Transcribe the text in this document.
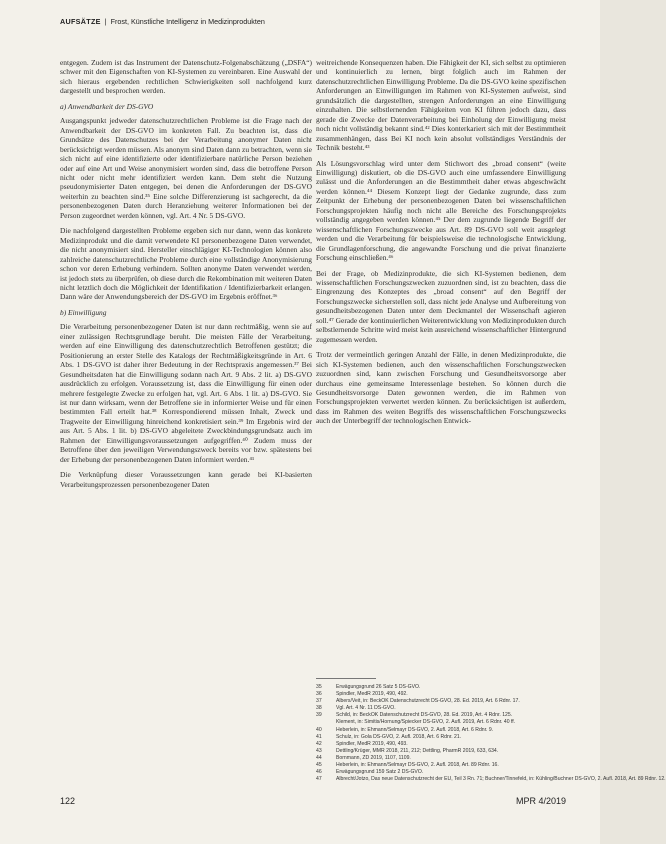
AUFSÄTZE | Frost, Künstliche Intelligenz in Medizinprodukten

entgegen. Zudem ist das Instrument der Datenschutz-Folgenabschätzung („DSFA“) schwer mit den Eigenschaften von KI-Systemen zu vereinbaren. Eine Auswahl der sich hieraus ergebenden rechtlichen Schwierigkeiten soll nachfolgend kurz dargestellt und besprochen werden.

a) Anwendbarkeit der DS-GVO

Ausgangspunkt jedweder datenschutzrechtlichen Probleme ist die Frage nach der Anwendbarkeit der DS-GVO im konkreten Fall. Zu beachten ist, dass die Grundsätze des Datenschutzes bei der Verarbeitung anonymer Daten nicht berücksichtigt werden müssen. Als anonym sind Daten dann zu betrachten, wenn sie sich nicht auf eine identifizierte oder identifizierbare natürliche Person beziehen oder auf eine Art und Weise anonymisiert worden sind, dass die betroffene Person nicht oder nicht mehr identifiziert werden kann. Dem steht die Nutzung pseudonymisierter Daten entgegen, bei denen die Anforderungen der DS-GVO weiterhin zu beachten sind.³⁵ Eine solche Differenzierung ist sachgerecht, da die personenbezogenen Daten durch Heranziehung weiterer Informationen bei der Person zugeordnet werden können, vgl. Art. 4 Nr. 5 DS-GVO.

Die nachfolgend dargestellten Probleme ergeben sich nur dann, wenn das konkrete Medizinprodukt und die damit verwendete KI personenbezogene Daten verwendet, die nicht anonymisiert sind. Hersteller einschlägiger KI-Technologien können also zahlreiche datenschutzrechtliche Probleme durch eine vollständige Anonymisierung schon vor deren Erhebung verhindern. Sollten anonyme Daten verwendet werden, ist jedoch stets zu überprüfen, ob diese durch die Rekombination mit weiteren Daten nicht letztlich doch die Möglichkeit der Identifikation / Identifizierbarkeit erlangen. Dann wäre der Anwendungsbereich der DS-GVO im Ergebnis eröffnet.³⁶

b) Einwilligung

Die Verarbeitung personenbezogener Daten ist nur dann rechtmäßig, wenn sie auf einer zulässigen Rechtsgrundlage beruht. Die meisten Fälle der Verarbeitung, werden auf eine Einwilligung des datenschutzrechtlich Betroffenen gestützt; die Positionierung an erster Stelle des Katalogs der Rechtmäßigkeitsgründe in Art. 6 Abs. 1 DS-GVO ist daher ihrer Bedeutung in der Rechtspraxis angemessen.³⁷ Bei Gesundheitsdaten hat die Einwilligung sodann nach Art. 9 Abs. 2 lit. a) DS-GVO ausdrücklich zu erfolgen. Voraussetzung ist, dass die Einwilligung für einen oder mehrere festgelegte Zwecke zu erfolgen hat, vgl. Art. 6 Abs. 1 lit. a) DS-GVO. Sie ist nur dann wirksam, wenn der Betroffene sie in informierter Weise und für einen bestimmten Fall erteilt hat.³⁸ Korrespondierend müssen Inhalt, Zweck und Tragweite der Einwilligung hinreichend konkretisiert sein.³⁹ Im Ergebnis wird der aus Art. 5 Abs. 1 lit. b) DS-GVO abgeleitete Zweckbindungsgrundsatz auch im Rahmen der Einwilligungsvoraussetzungen aufgegriffen.⁴⁰ Zudem muss der Betroffene über den jeweiligen Verwendungszweck bereits vor bzw. spätestens bei der Erhebung der personenbezogenen Daten informiert werden.⁴¹

Die Verknüpfung dieser Voraussetzungen kann gerade bei KI-basierten Verarbeitungsprozessen personenbezogener Daten

weitreichende Konsequenzen haben. Die Fähigkeit der KI, sich selbst zu optimieren und kontinuierlich zu lernen, birgt folglich auch im Rahmen der datenschutzrechtlichen Einwilligung Probleme. Da die DS-GVO keine spezifischen Anforderungen an Einwilligungen im Rahmen von KI-Systemen aufweist, sind grundsätzlich die dargestellten, strengen Anforderungen an eine Einwilligung einzuhalten. Die selbstlernenden Fähigkeiten von KI führen jedoch dazu, dass gerade die Zwecke der Datenverarbeitung bei Einholung der Einwilligung meist noch nicht vollständig bekannt sind.⁴² Dies konterkariert sich mit der Bestimmtheit zusammenhängen, dass Bei KI noch kein absolut vollständiges Verständnis der Technik besteht.⁴³

Als Lösungsvorschlag wird unter dem Stichwort des „broad consent“ (weite Einwilligung) diskutiert, ob die DS-GVO auch eine umfassendere Einwilligung zulässt und die Anforderungen an die Bestimmtheit daher etwas abgeschwächt werden können.⁴⁴ Diesem Konzept liegt der Gedanke zugrunde, dass zum Zeitpunkt der Erhebung der personenbezogenen Daten bei wissenschaftlichen Forschungsprojekten häufig noch nicht alle Bereiche des Forschungsprojekts vollständig angegeben werden können.⁴⁵ Der dem zugrunde liegende Begriff der wissenschaftlichen Forschungszwecke aus Art. 89 DS-GVO soll weit ausgelegt werden und die Verarbeitung für beispielsweise die technologische Entwicklung, die Grundlagenforschung, die angewandte Forschung und die privat finanzierte Forschung einschließen.⁴⁶

Bei der Frage, ob Medizinprodukte, die sich KI-Systemen bedienen, dem wissenschaftlichen Forschungszwecken zuzuordnen sind, ist zu beachten, dass die Eingrenzung des Konzeptes des „broad consent“ auf den Begriff der Forschungszwecke sicherstellen soll, dass nicht jede Analyse und Aufbereitung von gesundheitsbezogenen Daten unter dem Deckmantel der Wissenschaft agieren soll.⁴⁷ Gerade der kontinuierlichen Weiterentwicklung von Medizinprodukten durch selbstlernende Schritte wird meist kein ausreichend wissenschaftlicher Hintergrund zugemessen werden.

Trotz der vermeintlich geringen Anzahl der Fälle, in denen Medizinprodukte, die sich KI-Systemen bedienen, auch den wissenschaftlichen Forschungszwecken zuzuordnen sind, kann zwischen Forschung und Gesundheitsvorsorge aber durchaus eine gemeinsame Interessenlage bestehen. So können durch die Gesundheitsvorsorge Daten gewonnen werden, die im Rahmen von Forschungsprojekten verwertet werden können. Zu berücksichtigen ist außerdem, dass im Rahmen des weiten Begriffs des wissenschaftlichen Forschungszwecks auch der Unterbegriff der technologischen Entwick-

35	Erwägungsgrund 26 Satz 5 DS-GVO.
36	Spindler, MedR 2019, 490, 492.
37	Albers/Veit, in: BeckOK Datenschutzrecht DS-GVO, 28. Ed. 2019, Art. 6 Rdnr. 17.
38	Vgl. Art. 4 Nr. 11 DS-GVO.
39	Schild, in: BeckOK Datenschutzrecht DS-GVO, 28. Ed. 2019, Art. 4 Rdnr. 125.
Klement, in: Simitis/Hornung/Spiecker DS-GVO, 2. Aufl. 2019, Art. 6 Rdnr. 40 ff.
40	Heberlein, in: Ehmann/Selmayr DS-GVO, 2. Aufl. 2018, Art. 6 Rdnr. 9.
41	Schulz, in: Gola DS-GVO, 2. Aufl. 2018, Art. 6 Rdnr. 21.
42	Spindler, MedR 2019, 490, 493.
43	Dettling/Krüger, MMR 2018, 211, 212; Dettling, PharmR 2019, 633, 634.
44	Bornmann, ZD 2019, 1107, 1109.
45	Heberlein, in: Ehmann/Selmayr DS-GVO, 2. Aufl. 2018, Art. 89 Rdnr. 16.
46	Erwägungsgrund 159 Satz 2 DS-GVO.
47	Albrecht/Jotzo, Das neue Datenschutzrecht der EU, Teil 3 Rn. 71; Buchner/Tinnefeld, in: Kühling/Buchner DS-GVO, 2. Aufl. 2018, Art. 89 Rdnr. 12.
122	MPR 4/2019
